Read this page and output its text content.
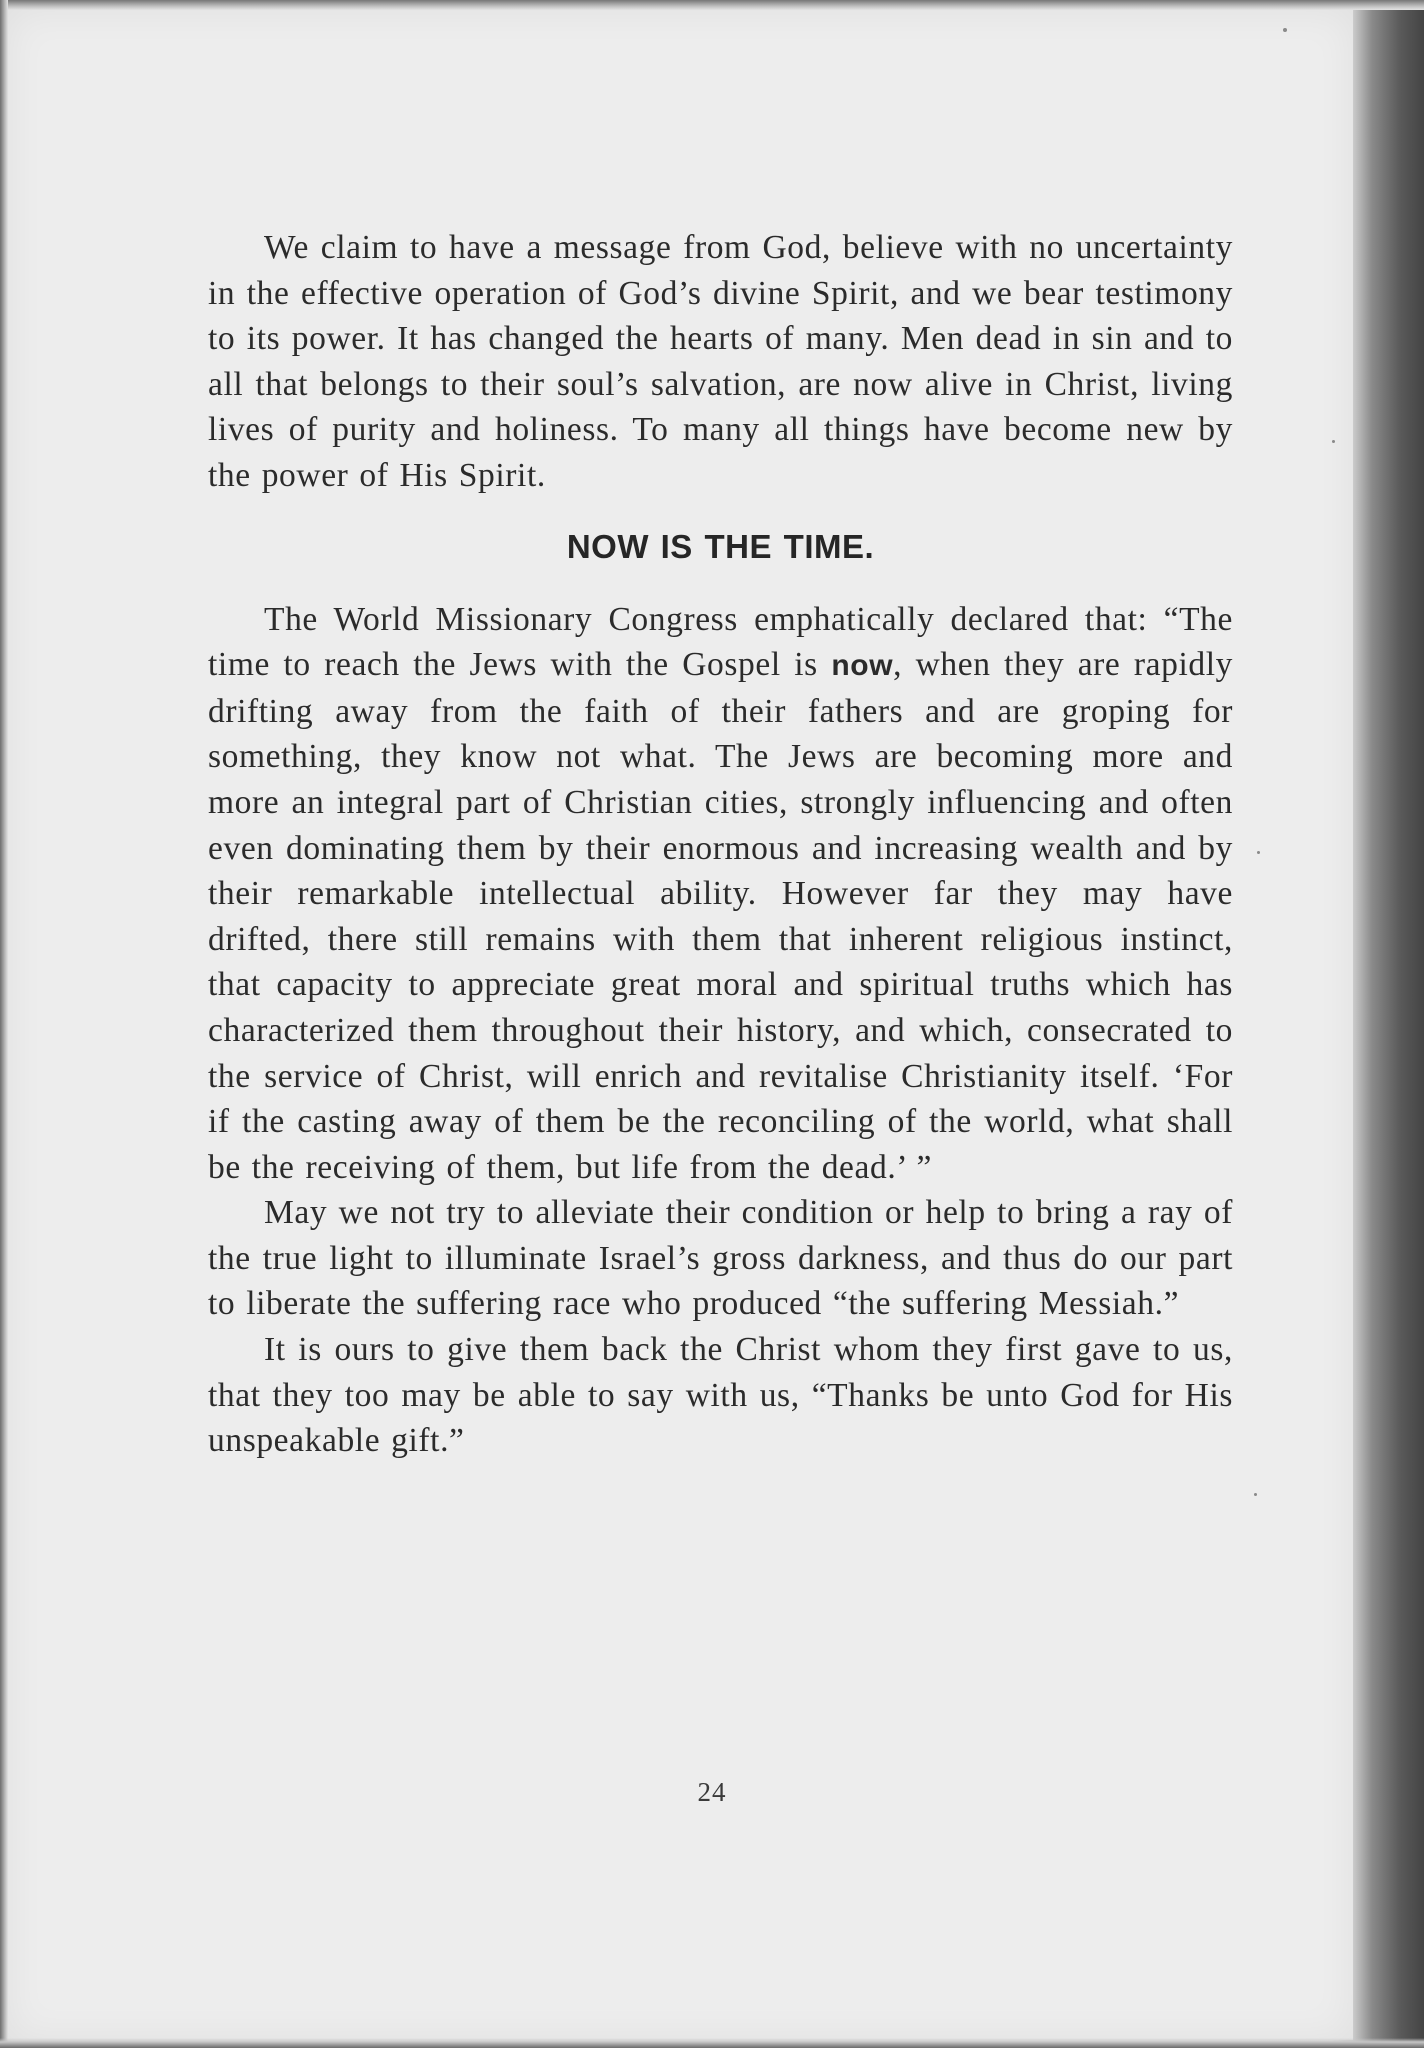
We claim to have a message from God, believe with no uncertainty in the effective operation of God’s divine Spirit, and we bear testimony to its power. It has changed the hearts of many. Men dead in sin and to all that belongs to their soul’s salvation, are now alive in Christ, living lives of purity and holiness. To many all things have become new by the power of His Spirit.

NOW IS THE TIME.

The World Missionary Congress emphatically declared that: “The time to reach the Jews with the Gospel is now, when they are rapidly drifting away from the faith of their fathers and are groping for something, they know not what. The Jews are becoming more and more an integral part of Christian cities, strongly influencing and often even dominating them by their enormous and increasing wealth and by their remarkable intellectual ability. However far they may have drifted, there still remains with them that inherent religious instinct, that capacity to appreciate great moral and spiritual truths which has characterized them throughout their history, and which, consecrated to the service of Christ, will enrich and revitalise Christianity itself. ‘For if the casting away of them be the reconciling of the world, what shall be the receiving of them, but life from the dead.’ ”

May we not try to alleviate their condition or help to bring a ray of the true light to illuminate Israel’s gross darkness, and thus do our part to liberate the suffering race who produced “the suffering Messiah.”

It is ours to give them back the Christ whom they first gave to us, that they too may be able to say with us, “Thanks be unto God for His unspeakable gift.”

24
